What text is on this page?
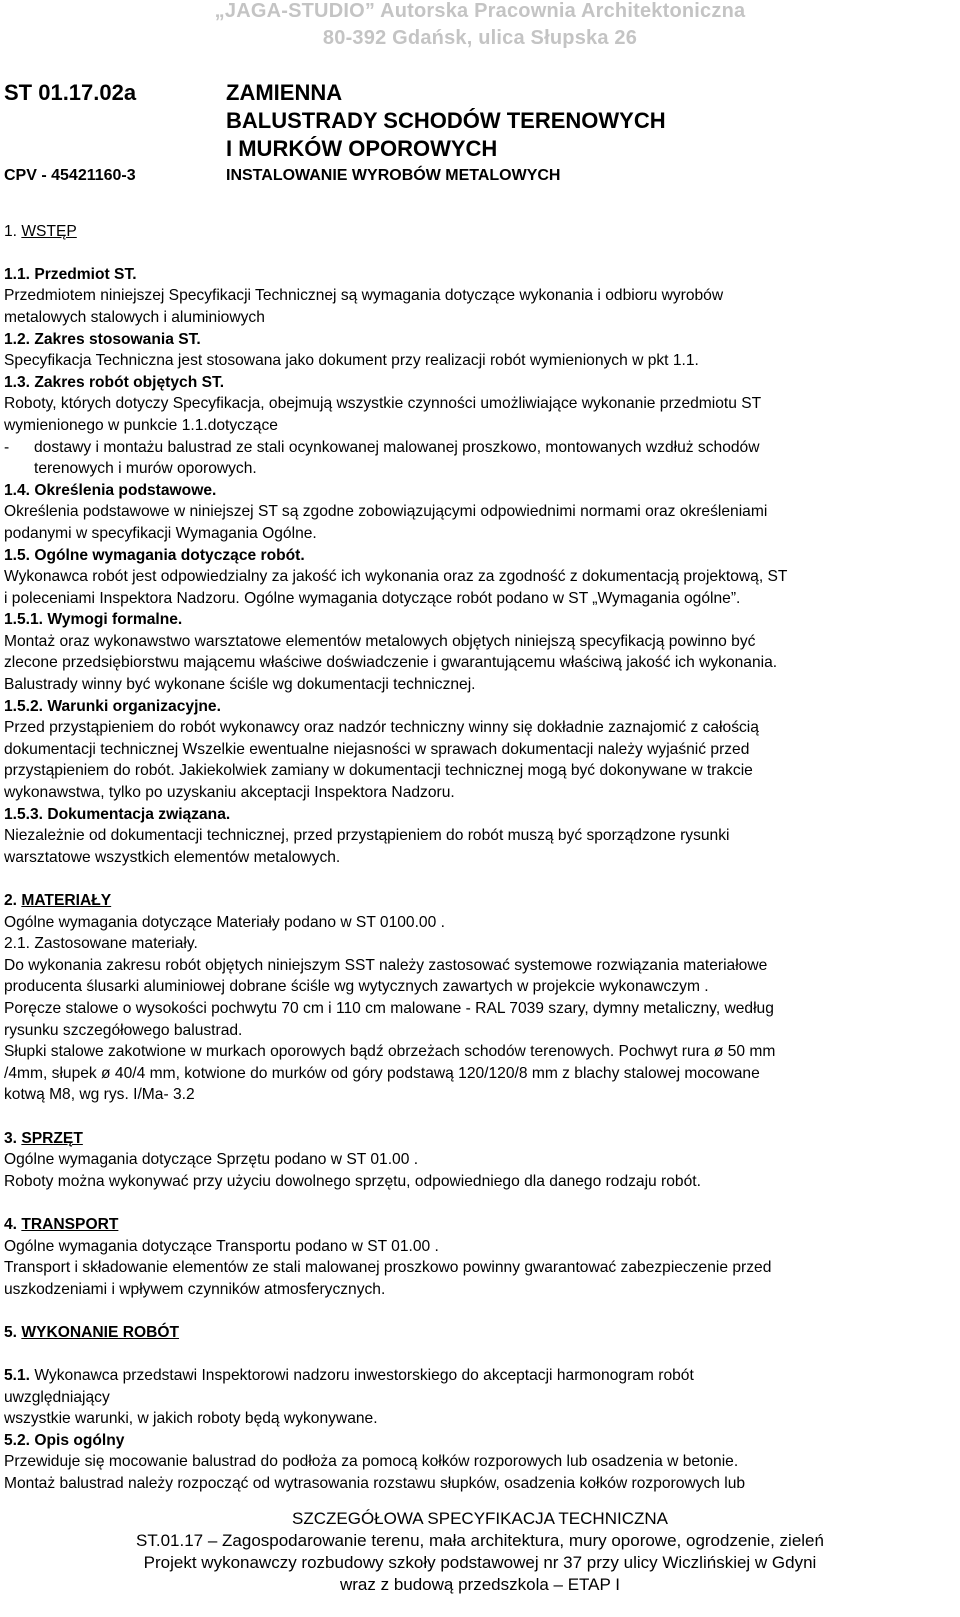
„JAGA-STUDIO” Autorska Pracownia Architektoniczna
80-392 Gdańsk, ulica Słupska 26
ST 01.17.02a	ZAMIENNA
BALUSTRADY SCHODÓW TERENOWYCH
I MURKÓW OPOROWYCH
CPV - 45421160-3	INSTALOWANIE WYROBÓW METALOWYCH
1. WSTĘP
1.1. Przedmiot ST.
Przedmiotem niniejszej Specyfikacji Technicznej są wymagania dotyczące wykonania i odbioru wyrobów
metalowych stalowych i aluminiowych
1.2. Zakres stosowania ST.
Specyfikacja Techniczna jest stosowana jako dokument przy realizacji robót wymienionych w pkt 1.1.
1.3. Zakres robót objętych ST.
Roboty, których dotyczy Specyfikacja, obejmują wszystkie czynności umożliwiające wykonanie przedmiotu ST
wymienionego w punkcie 1.1.dotyczące
- dostawy i montażu balustrad ze stali ocynkowanej malowanej proszkowo, montowanych wzdłuż schodów
terenowych i murów oporowych.
1.4. Określenia podstawowe.
Określenia podstawowe w niniejszej ST są zgodne zobowiązującymi odpowiednimi normami oraz określeniami
podanymi w specyfikacji Wymagania Ogólne.
1.5. Ogólne wymagania dotyczące robót.
Wykonawca robót jest odpowiedzialny za jakość ich wykonania oraz za zgodność z dokumentacją projektową, ST
i poleceniami Inspektora Nadzoru. Ogólne wymagania dotyczące robót podano w ST „Wymagania ogólne”.
1.5.1. Wymogi formalne.
Montaż oraz wykonawstwo warsztatowe elementów metalowych objętych niniejszą specyfikacją powinno być
zlecone przedsiębiorstwu mającemu właściwe doświadczenie i gwarantującemu właściwą jakość ich wykonania.
Balustrady winny być wykonane ściśle wg dokumentacji technicznej.
1.5.2. Warunki organizacyjne.
Przed przystąpieniem do robót wykonawcy oraz nadzór techniczny winny się dokładnie zaznajomić z całością
dokumentacji technicznej Wszelkie ewentualne niejasności w sprawach dokumentacji należy wyjaśnić przed
przystąpieniem do robót. Jakiekolwiek zamiany w dokumentacji technicznej mogą być dokonywane w trakcie
wykonawstwa, tylko po uzyskaniu akceptacji Inspektora Nadzoru.
1.5.3. Dokumentacja związana.
Niezależnie od dokumentacji technicznej, przed przystąpieniem do robót muszą być sporządzone rysunki
warsztatowe wszystkich elementów metalowych.
2. MATERIAŁY
Ogólne wymagania dotyczące Materiały podano w ST 0100.00 .
2.1. Zastosowane materiały.
Do wykonania zakresu robót objętych niniejszym SST należy zastosować systemowe rozwiązania materiałowe
producenta ślusarki aluminiowej dobrane ściśle wg wytycznych zawartych w projekcie wykonawczym .
Poręcze stalowe o wysokości pochwytu 70 cm i 110 cm malowane - RAL 7039 szary, dymny metaliczny, według
rysunku szczegółowego balustrad.
Słupki stalowe zakotwione w murkach oporowych bądź obrzeżach schodów terenowych. Pochwyt rura ø 50 mm
/4mm, słupek ø 40/4 mm, kotwione do murków od góry podstawą 120/120/8 mm z blachy stalowej mocowane
kotwą M8, wg rys. I/Ma- 3.2
3. SPRZĘT
Ogólne wymagania dotyczące Sprzętu podano w ST 01.00 .
Roboty można wykonywać przy użyciu dowolnego sprzętu, odpowiedniego dla danego rodzaju robót.
4. TRANSPORT
Ogólne wymagania dotyczące Transportu podano w ST 01.00 .
Transport i składowanie elementów ze stali malowanej proszkowo powinny gwarantować zabezpieczenie przed
uszkodzeniami i wpływem czynników atmosferycznych.
5. WYKONANIE ROBÓT
5.1. Wykonawca przedstawi Inspektorowi nadzoru inwestorskiego do akceptacji harmonogram robót
uwzględniający
wszystkie warunki, w jakich roboty będą wykonywane.
5.2. Opis ogólny
Przewiduje się mocowanie balustrad do podłoża za pomocą kołków rozporowych lub osadzenia w betonie.
Montaż balustrad należy rozpocząć od wytrasowania rozstawu słupków, osadzenia kołków rozporowych lub
SZCZEGÓŁOWA SPECYFIKACJA TECHNICZNA
ST.01.17 – Zagospodarowanie terenu, mała architektura, mury oporowe, ogrodzenie, zieleń
Projekt wykonawczy rozbudowy szkoły podstawowej nr 37 przy ulicy Wiczlińskiej w Gdyni
wraz z budową przedszkola – ETAP I
